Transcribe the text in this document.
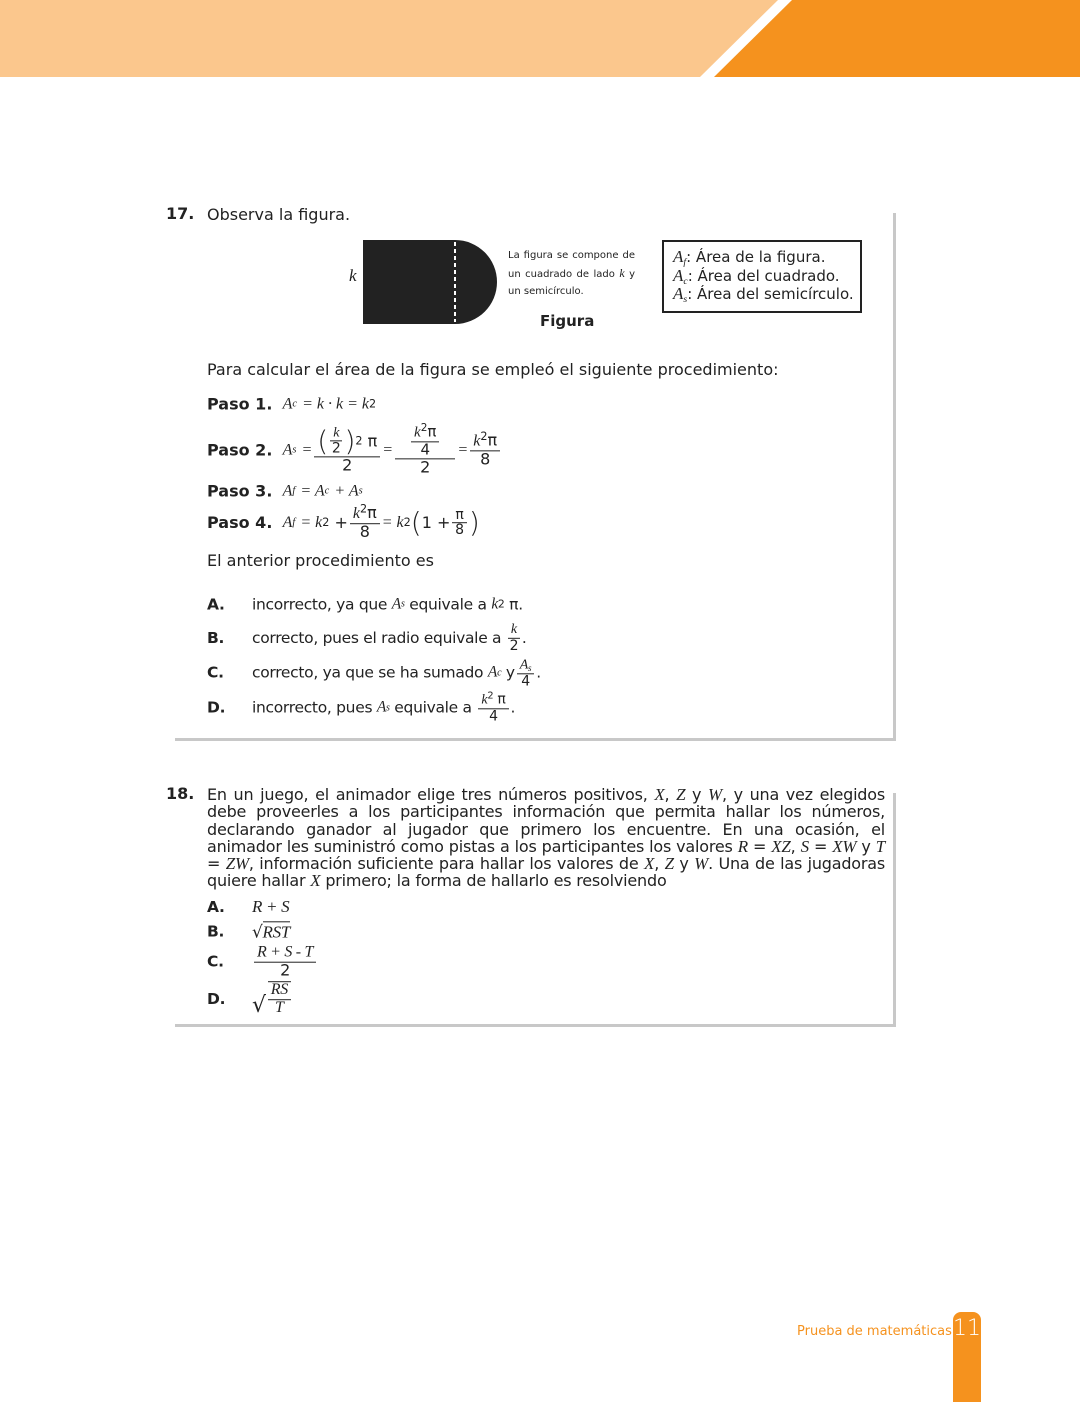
17. Observa la figura.
k
La figura se compone de un cuadrado de lado k y un semicírculo.
Figura
$A_f$: Área de la figura.
$A_c$: Área del cuadrado.
$A_s$: Área del semicírculo.
Para calcular el área de la figura se empleó el siguiente procedimiento:
Paso 1.
A c
= k · k = k 2
Paso 2.
A s
= ( $\frac{k}{2}$ ) 2
π
$2 = \frac{\frac{k^2\pi}{4}}{2} = \frac{k^2\pi}{8}$
Paso 3.
A f
= A c
+ A s
Paso 4.
A f
= k 2
+ $\frac{k^2\pi}{8} = k$ 2 ( $1 + \frac{\pi}{8}$ )
El anterior procedimiento es
A.	incorrecto, ya que
A s
equivale a
k 2
π.
B.	correcto, pues el radio equivale a
$\frac{k}{2}$ .
C.	correcto, ya que se ha sumado
A c
y $\frac{A_s}{4}$ .
D.	incorrecto, pues
A s
equivale a
$\frac{k^2 \pi}{4}$ .
18. En un juego, el animador elige tres números positivos, X, Z y W, y una vez elegidos debe proveerles a los participantes información que permita hallar los números, declarando ganador al jugador que primero los encuentre. En una ocasión, el animador les suministró como pistas a los participantes los valores R = XZ, S = XW y T = ZW, información suficiente para hallar los valores de X, Z y W. Una de las jugadoras quiere hallar X primero; la forma de hallarlo es resolviendo
A.	R + S
B.	√ RST
C.	$\frac{R + S - T}{2}$
D.	√ $\frac{RS}{T}$
Prueba de matemáticas 11
